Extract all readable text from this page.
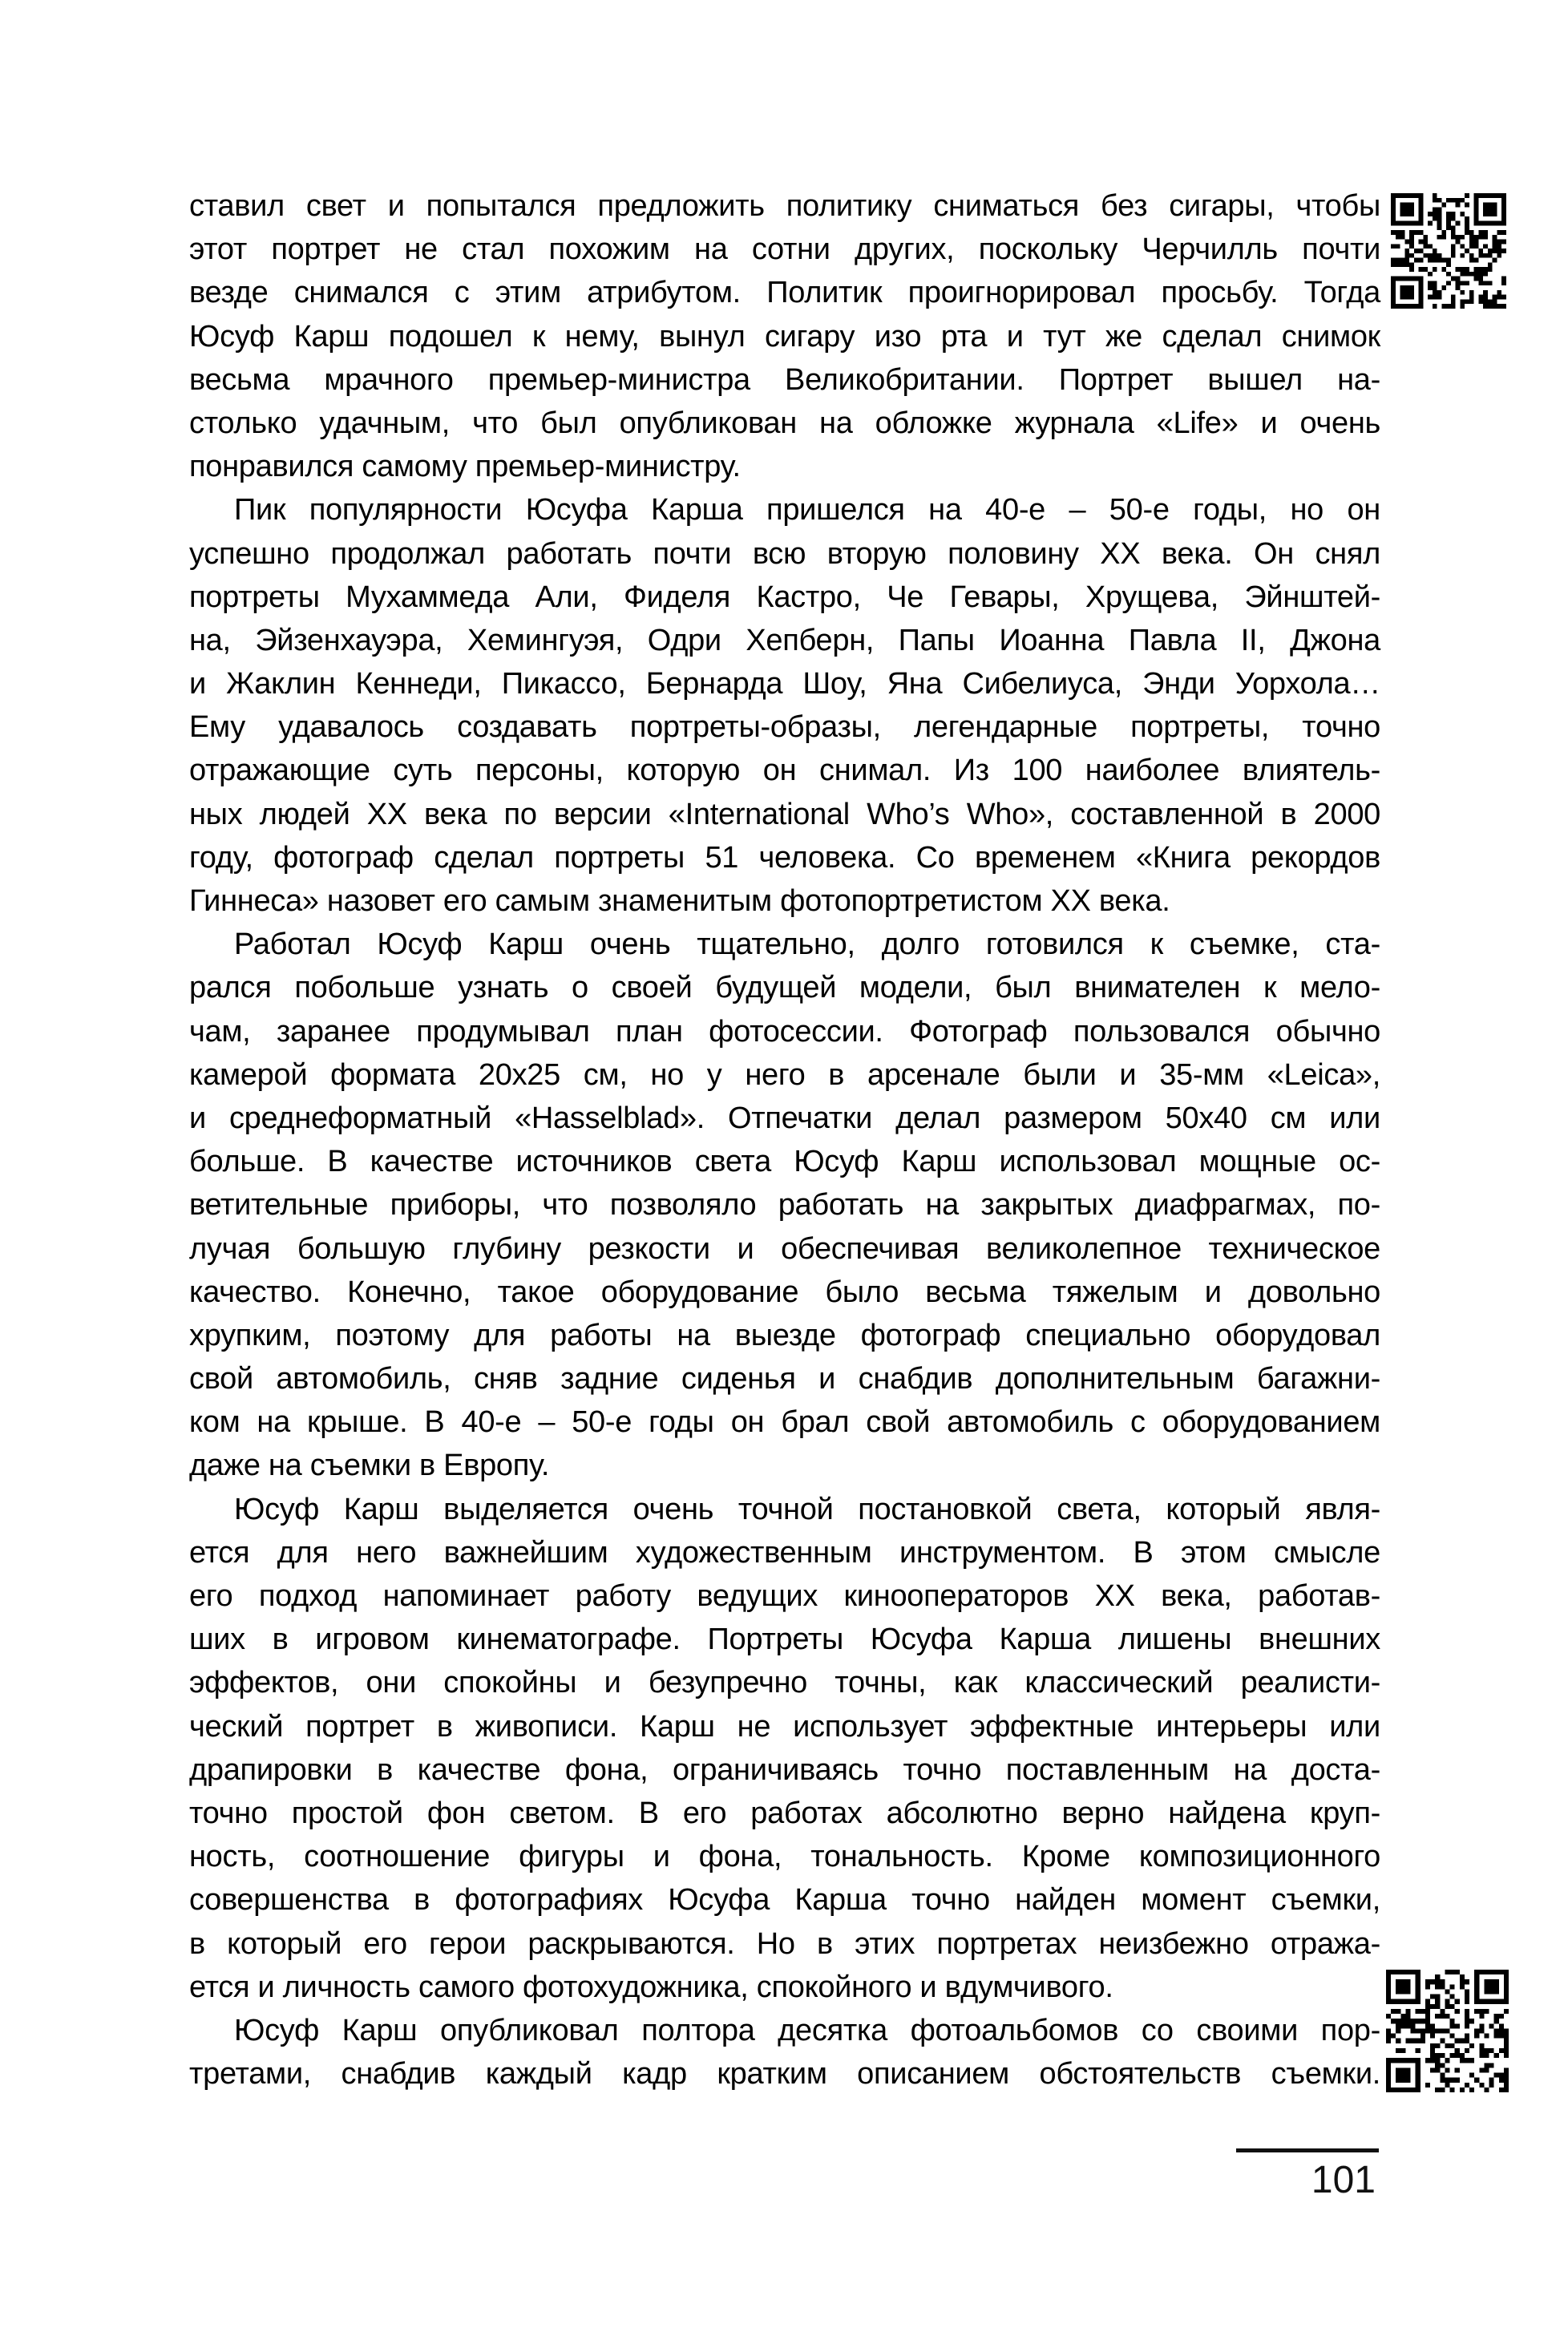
ставил свет и попытался предложить политику сниматься без сигары, чтобы
этот портрет не стал похожим на сотни других, поскольку Черчилль почти
везде снимался с этим атрибутом. Политик проигнорировал просьбу. Тогда
Юсуф Карш подошел к нему, вынул сигару изо рта и тут же сделал снимок
весьма мрачного премьер-министра Великобритании. Портрет вышел на-
столько удачным, что был опубликован на обложке журнала «Life» и очень
понравился самому премьер-министру.
Пик популярности Юсуфа Карша пришелся на 40-е – 50-е годы, но он
успешно продолжал работать почти всю вторую половину XX века. Он снял
портреты Мухаммеда Али, Фиделя Кастро, Че Гевары, Хрущева, Эйнштей-
на, Эйзенхауэра, Хемингуэя, Одри Хепберн, Папы Иоанна Павла II, Джона
и Жаклин Кеннеди, Пикассо, Бернарда Шоу, Яна Сибелиуса, Энди Уорхола…
Ему удавалось создавать портреты-образы, легендарные портреты, точно
отражающие суть персоны, которую он снимал. Из 100 наиболее влиятель-
ных людей XX века по версии «International Who’s Who», составленной в 2000
году, фотограф сделал портреты 51 человека. Со временем «Книга рекордов
Гиннеса» назовет его самым знаменитым фотопортретистом XX века.
Работал Юсуф Карш очень тщательно, долго готовился к съемке, ста-
рался побольше узнать о своей будущей модели, был внимателен к мело-
чам, заранее продумывал план фотосессии. Фотограф пользовался обычно
камерой формата 20х25 см, но у него в арсенале были и 35-мм «Leica»,
и среднеформатный «Hasselblad». Отпечатки делал размером 50х40 см или
больше. В качестве источников света Юсуф Карш использовал мощные ос-
ветительные приборы, что позволяло работать на закрытых диафрагмах, по-
лучая большую глубину резкости и обеспечивая великолепное техническое
качество. Конечно, такое оборудование было весьма тяжелым и довольно
хрупким, поэтому для работы на выезде фотограф специально оборудовал
свой автомобиль, сняв задние сиденья и снабдив дополнительным багажни-
ком на крыше. В 40-е – 50-е годы он брал свой автомобиль с оборудованием
даже на съемки в Европу.
Юсуф Карш выделяется очень точной постановкой света, который явля-
ется для него важнейшим художественным инструментом. В этом смысле
его подход напоминает работу ведущих кинооператоров XX века, работав-
ших в игровом кинематографе. Портреты Юсуфа Карша лишены внешних
эффектов, они спокойны и безупречно точны, как классический реалисти-
ческий портрет в живописи. Карш не использует эффектные интерьеры или
драпировки в качестве фона, ограничиваясь точно поставленным на доста-
точно простой фон светом. В его работах абсолютно верно найдена круп-
ность, соотношение фигуры и фона, тональность. Кроме композиционного
совершенства в фотографиях Юсуфа Карша точно найден момент съемки,
в который его герои раскрываются. Но в этих портретах неизбежно отража-
ется и личность самого фотохудожника, спокойного и вдумчивого.
Юсуф Карш опубликовал полтора десятка фотоальбомов со своими пор-
третами, снабдив каждый кадр кратким описанием обстоятельств съемки.
101
